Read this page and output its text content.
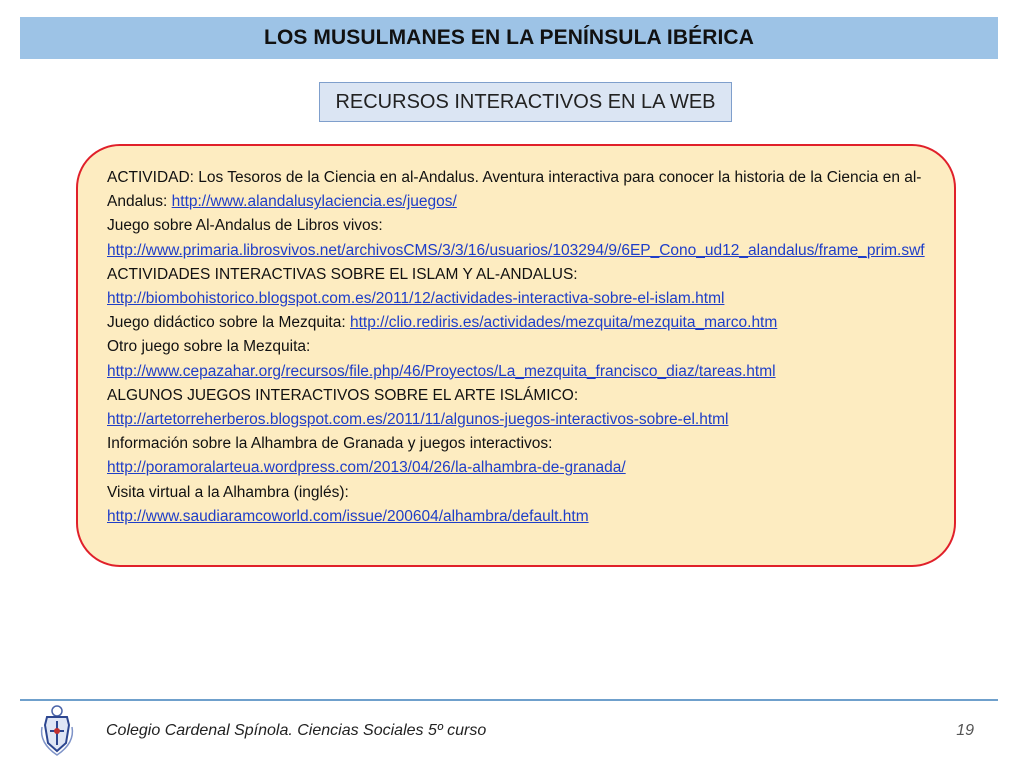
LOS MUSULMANES EN LA PENÍNSULA IBÉRICA
RECURSOS INTERACTIVOS EN LA WEB
ACTIVIDAD: Los Tesoros de la Ciencia en al-Andalus. Aventura interactiva para conocer la historia de la Ciencia en al-Andalus: http://www.alandalusylaciencia.es/juegos/
Juego sobre Al-Andalus de Libros vivos:
http://www.primaria.librosvivos.net/archivosCMS/3/3/16/usuarios/103294/9/6EP_Cono_ud12_alandalus/frame_prim.swf
ACTIVIDADES INTERACTIVAS SOBRE EL ISLAM Y AL-ANDALUS:
http://biombohistorico.blogspot.com.es/2011/12/actividades-interactiva-sobre-el-islam.html
Juego didáctico sobre la Mezquita: http://clio.rediris.es/actividades/mezquita/mezquita_marco.htm
Otro juego sobre la Mezquita:
http://www.cepazahar.org/recursos/file.php/46/Proyectos/La_mezquita_francisco_diaz/tareas.html
ALGUNOS JUEGOS INTERACTIVOS SOBRE EL ARTE ISLÁMICO:
http://artetorreherberos.blogspot.com.es/2011/11/algunos-juegos-interactivos-sobre-el.html
Información sobre la Alhambra de Granada y juegos interactivos:
http://poramoralarteua.wordpress.com/2013/04/26/la-alhambra-de-granada/
Visita virtual a la Alhambra (inglés):
http://www.saudiaramcoworld.com/issue/200604/alhambra/default.htm
Colegio Cardenal Spínola. Ciencias Sociales 5º curso	19
